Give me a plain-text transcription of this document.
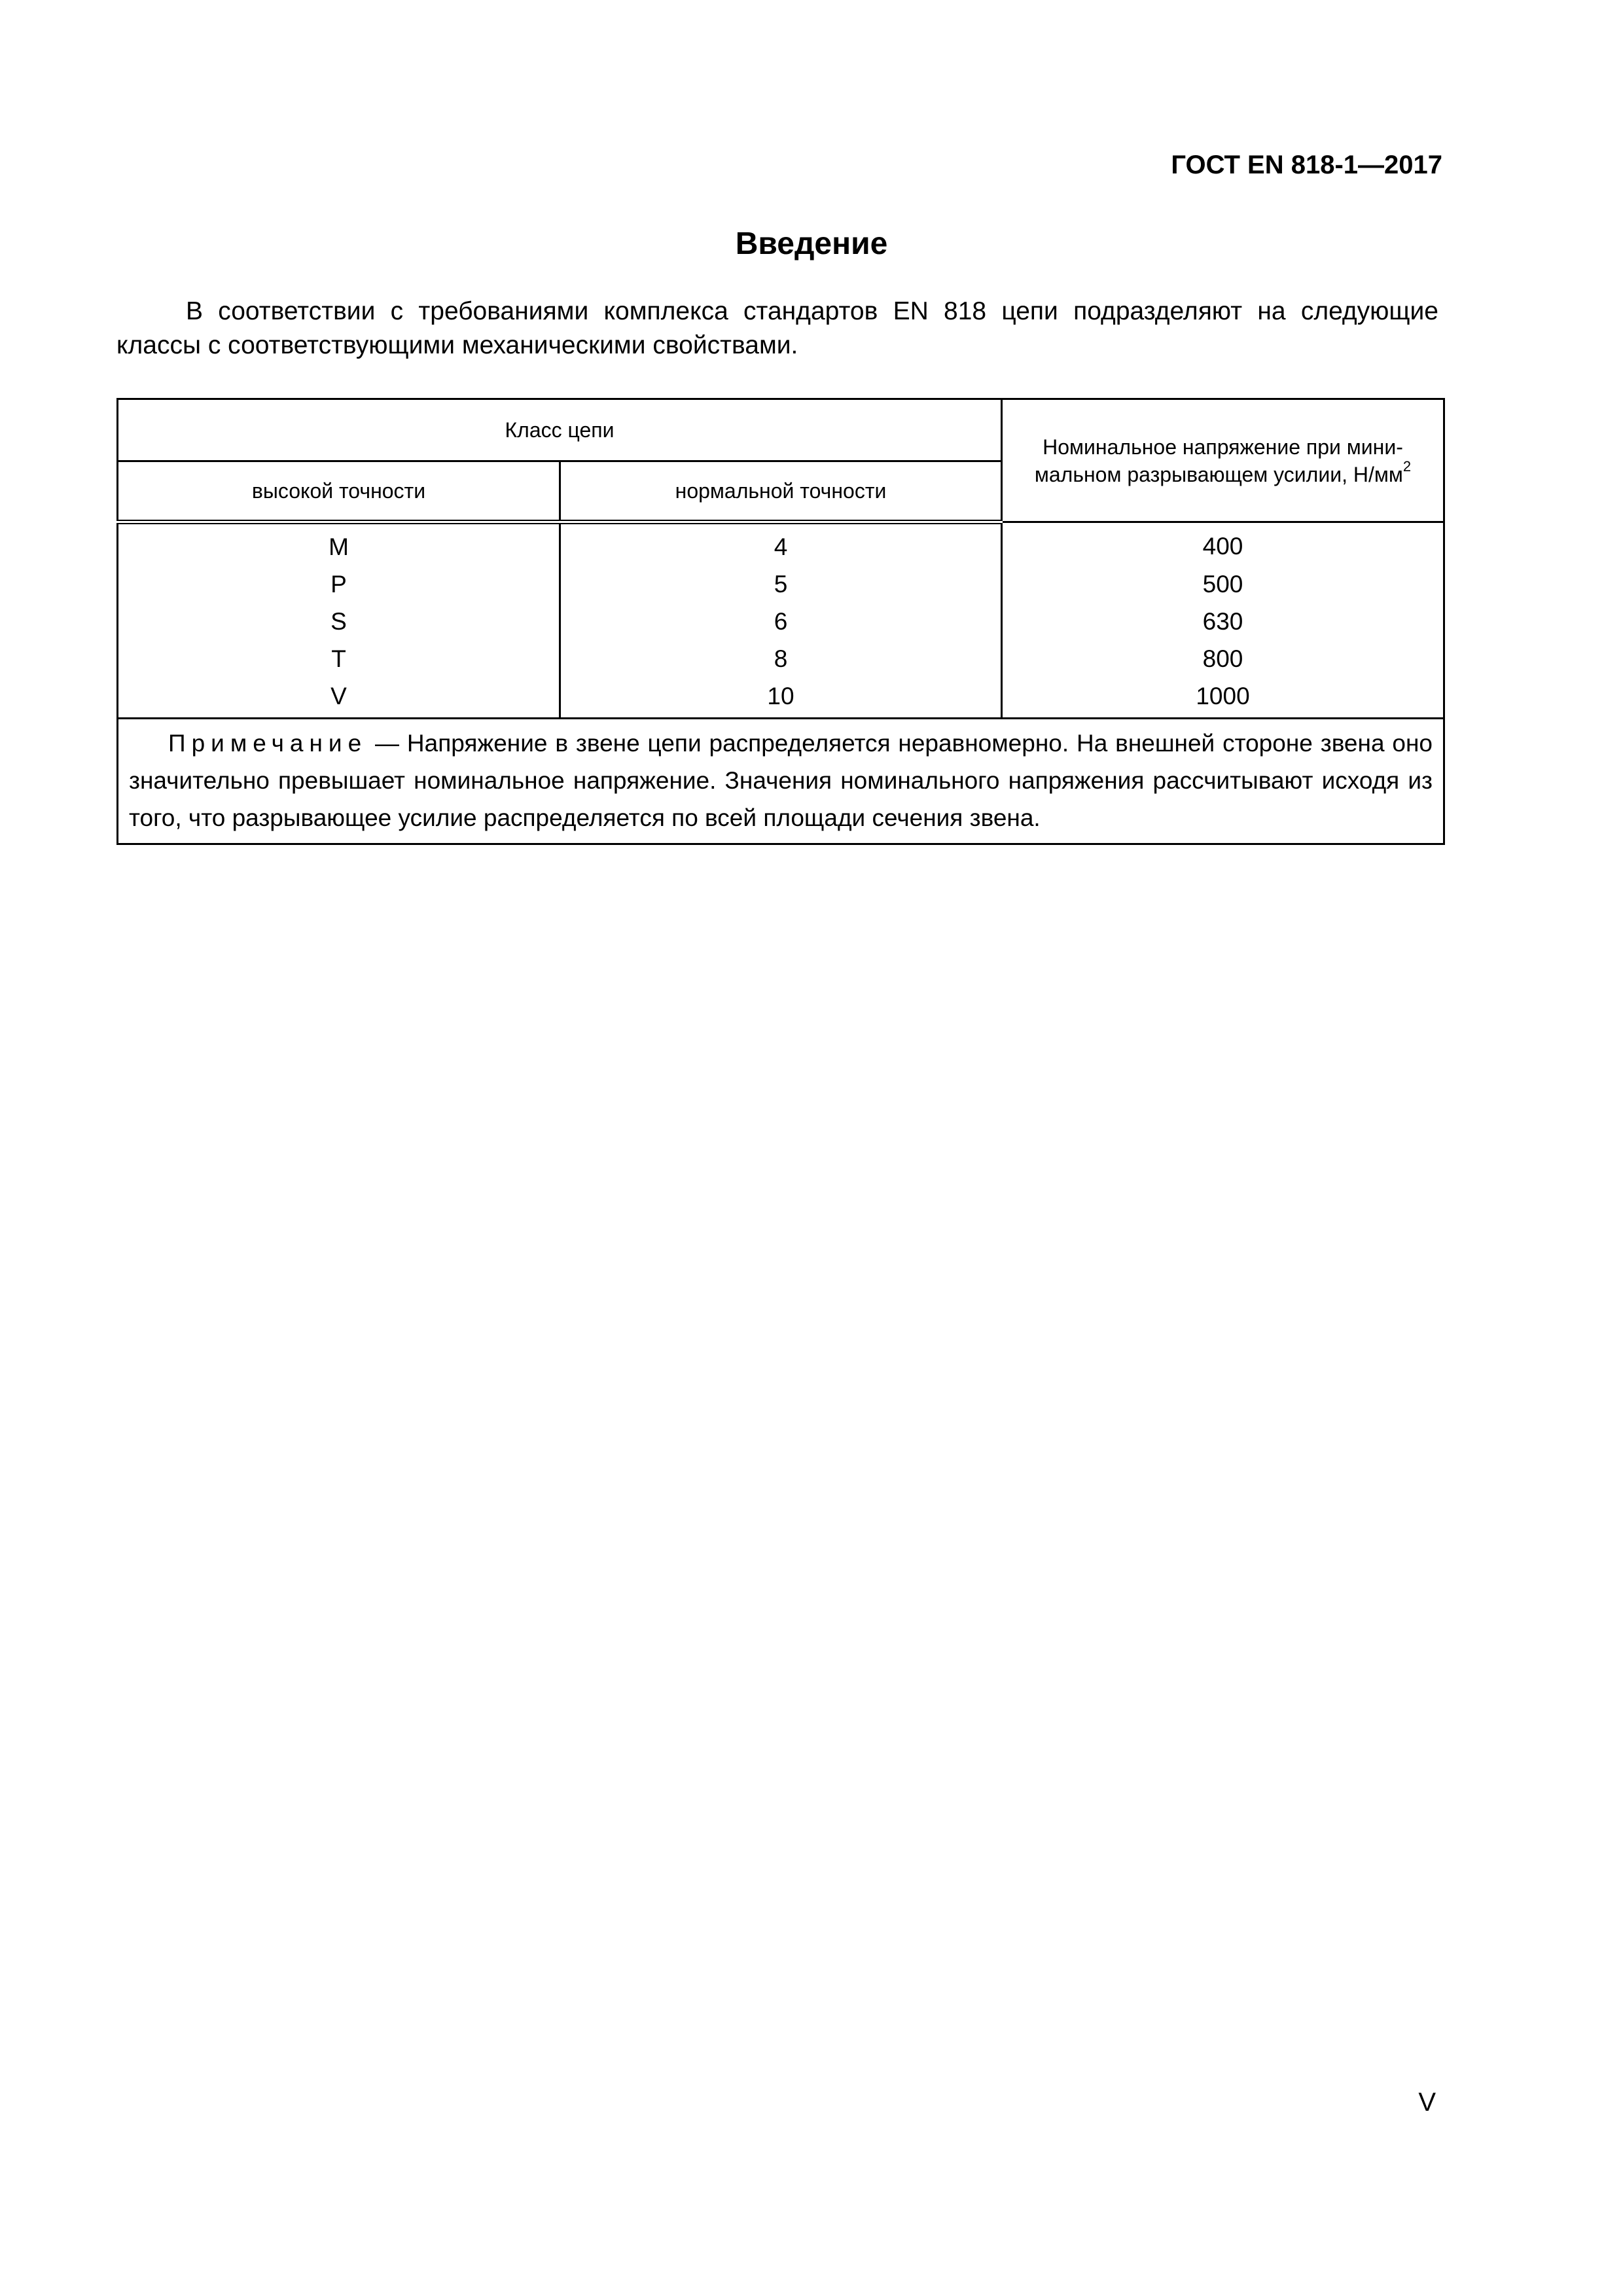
ГОСТ EN 818-1—2017
Введение

В соответствии с требованиями комплекса стандартов EN 818 цепи подразделяют на следующие классы с соответствующими механическими свойствами.

Класс цепи		Номинальное напряжение при мини-мальном разрывающем усилии, $Н/мм^2$
высокой точности	нормальной точности	
M	4	400
P	5	500
S	6	630
T	8	800
V	10	1000
Примечание — Напряжение в звене цепи распределяется неравномерно. На внешней стороне звена оно значительно превышает номинальное напряжение. Значения номинального напряжения рассчитывают исходя из того, что разрывающее усилие распределяется по всей площади сечения звена.		
V
